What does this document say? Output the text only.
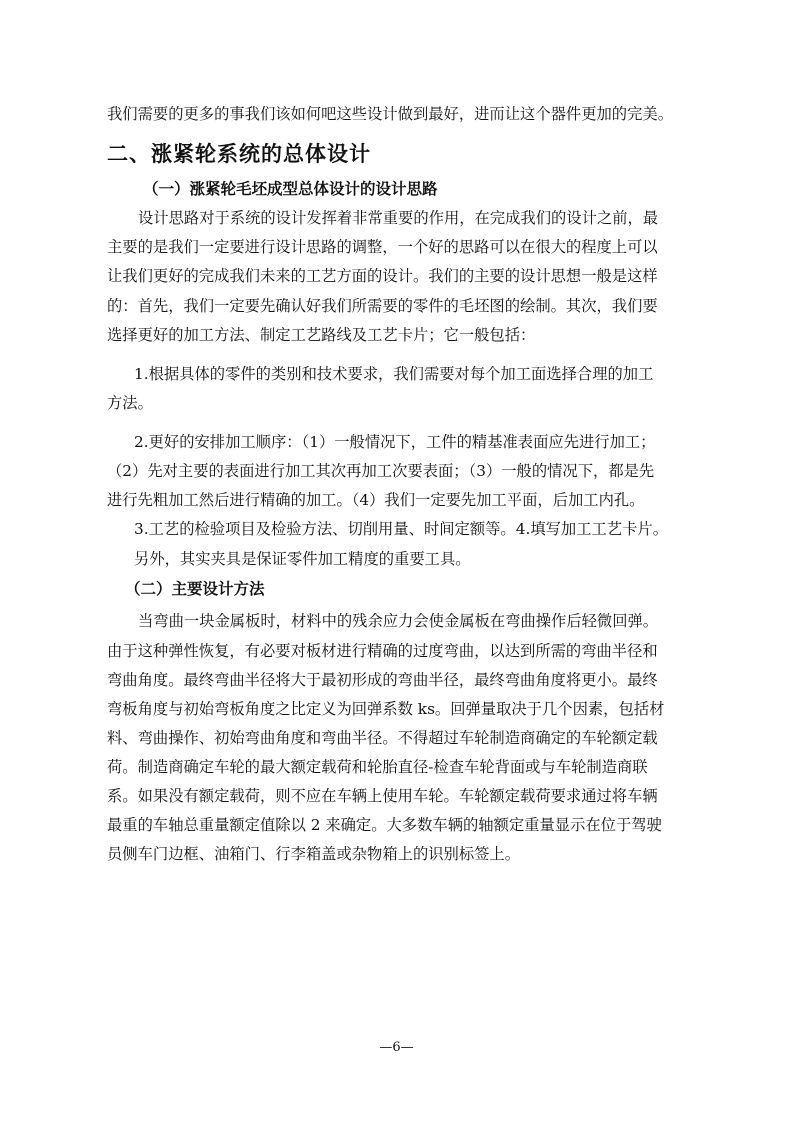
我们需要的更多的事我们该如何吧这些设计做到最好，进而让这个器件更加的完美。
二、涨紧轮系统的总体设计
（一）涨紧轮毛坯成型总体设计的设计思路
设计思路对于系统的设计发挥着非常重要的作用，在完成我们的设计之前，最
主要的是我们一定要进行设计思路的调整，一个好的思路可以在很大的程度上可以
让我们更好的完成我们未来的工艺方面的设计。我们的主要的设计思想一般是这样
的：首先，我们一定要先确认好我们所需要的零件的毛坯图的绘制。其次，我们要
选择更好的加工方法、制定工艺路线及工艺卡片；它一般包括：
1.根据具体的零件的类别和技术要求，我们需要对每个加工面选择合理的加工
方法。
2.更好的安排加工顺序：（1）一般情况下，工件的精基准表面应先进行加工；
（2）先对主要的表面进行加工其次再加工次要表面；（3）一般的情况下，都是先
进行先粗加工然后进行精确的加工。（4）我们一定要先加工平面，后加工内孔。
3.工艺的检验项目及检验方法、切削用量、时间定额等。4.填写加工工艺卡片。
另外，其实夹具是保证零件加工精度的重要工具。
（二）主要设计方法
当弯曲一块金属板时，材料中的残余应力会使金属板在弯曲操作后轻微回弹。
由于这种弹性恢复，有必要对板材进行精确的过度弯曲，以达到所需的弯曲半径和
弯曲角度。最终弯曲半径将大于最初形成的弯曲半径，最终弯曲角度将更小。最终
弯板角度与初始弯板角度之比定义为回弹系数 ks。回弹量取决于几个因素，包括材
料、弯曲操作、初始弯曲角度和弯曲半径。不得超过车轮制造商确定的车轮额定载
荷。制造商确定车轮的最大额定载荷和轮胎直径-检查车轮背面或与车轮制造商联
系。如果没有额定载荷，则不应在车辆上使用车轮。车轮额定载荷要求通过将车辆
最重的车轴总重量额定值除以 2 来确定。大多数车辆的轴额定重量显示在位于驾驶
员侧车门边框、油箱门、行李箱盖或杂物箱上的识别标签上。
—6—
